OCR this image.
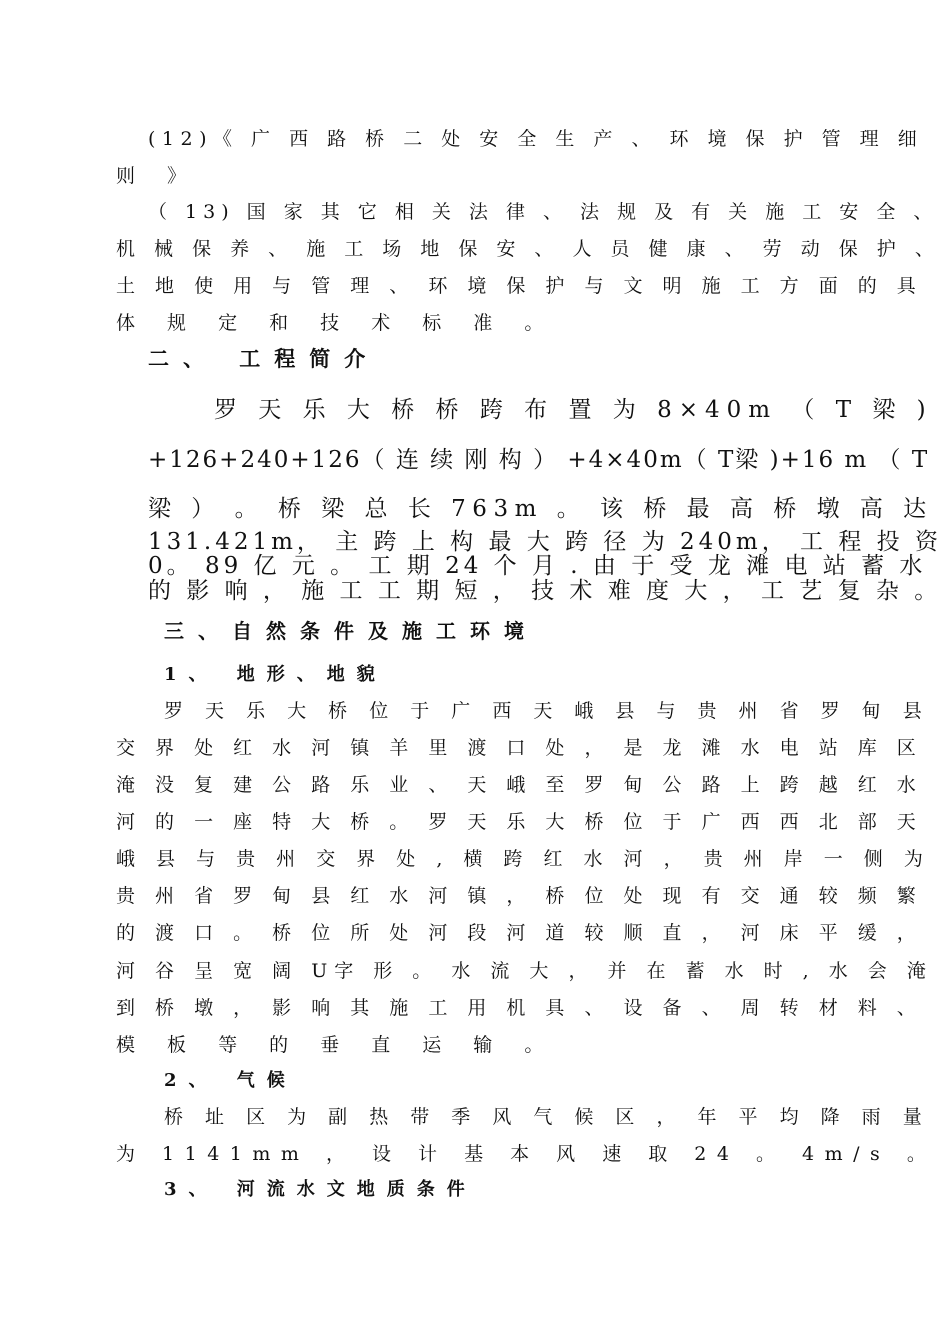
(12)《 广 西 路 桥 二 处 安 全 生 产 、 环 境 保 护 管 理 细

则 》

（ 13) 国 家 其 它 相 关 法 律 、 法 规 及 有 关 施 工 安 全 、

机 械 保 养 、 施 工 场 地 保 安 、 人 员 健 康 、 劳 动 保 护 、

土 地 使 用 与 管 理 、 环 境 保 护 与 文 明 施 工 方 面 的 具

体 规 定 和 技 术 标 准 。

二、 工程简介

罗 天 乐 大 桥 桥 跨 布 置 为 8×40m （ T 梁 )

+126+240+126（ 连 续 刚 构 ） +4×40m（ T梁 )+16 m （ T

梁 ） 。 桥 梁 总 长 763m 。 该 桥 最 高 桥 墩 高 达

131.421m， 主 跨 上 构 最 大 跨 径 为 240m， 工 程 投 资

0。 89 亿 元 。 工 期 24 个 月 . 由 于 受 龙 滩 电 站 蓄 水

的 影 响 ， 施 工 工 期 短 ， 技 术 难 度 大 ， 工 艺 复 杂 。

三、自然条件及施工环境

1、 地形、地貌

罗 天 乐 大 桥 位 于 广 西 天 峨 县 与 贵 州 省 罗 甸 县

交 界 处 红 水 河 镇 羊 里 渡 口 处 ， 是 龙 滩 水 电 站 库 区

淹 没 复 建 公 路 乐 业 、 天 峨 至 罗 甸 公 路 上 跨 越 红 水

河 的 一 座 特 大 桥 。 罗 天 乐 大 桥 位 于 广 西 西 北 部 天

峨 县 与 贵 州 交 界 处 , 横 跨 红 水 河 ， 贵 州 岸 一 侧 为

贵 州 省 罗 甸 县 红 水 河 镇 ， 桥 位 处 现 有 交 通 较 频 繁

的 渡 口 。 桥 位 所 处 河 段 河 道 较 顺 直 ， 河 床 平 缓 ，

河 谷 呈 宽 阔 U字 形 。 水 流 大 ， 并 在 蓄 水 时 , 水 会 淹

到 桥 墩 ， 影 响 其 施 工 用 机 具 、 设 备 、 周 转 材 料 、

模 板 等 的 垂 直 运 输 。

2、 气候

桥 址 区 为 副 热 带 季 风 气 候 区 ， 年 平 均 降 雨 量

为 1141mm ， 设 计 基 本 风 速 取 24 。 4m/s 。

3、 河流水文地质条件
